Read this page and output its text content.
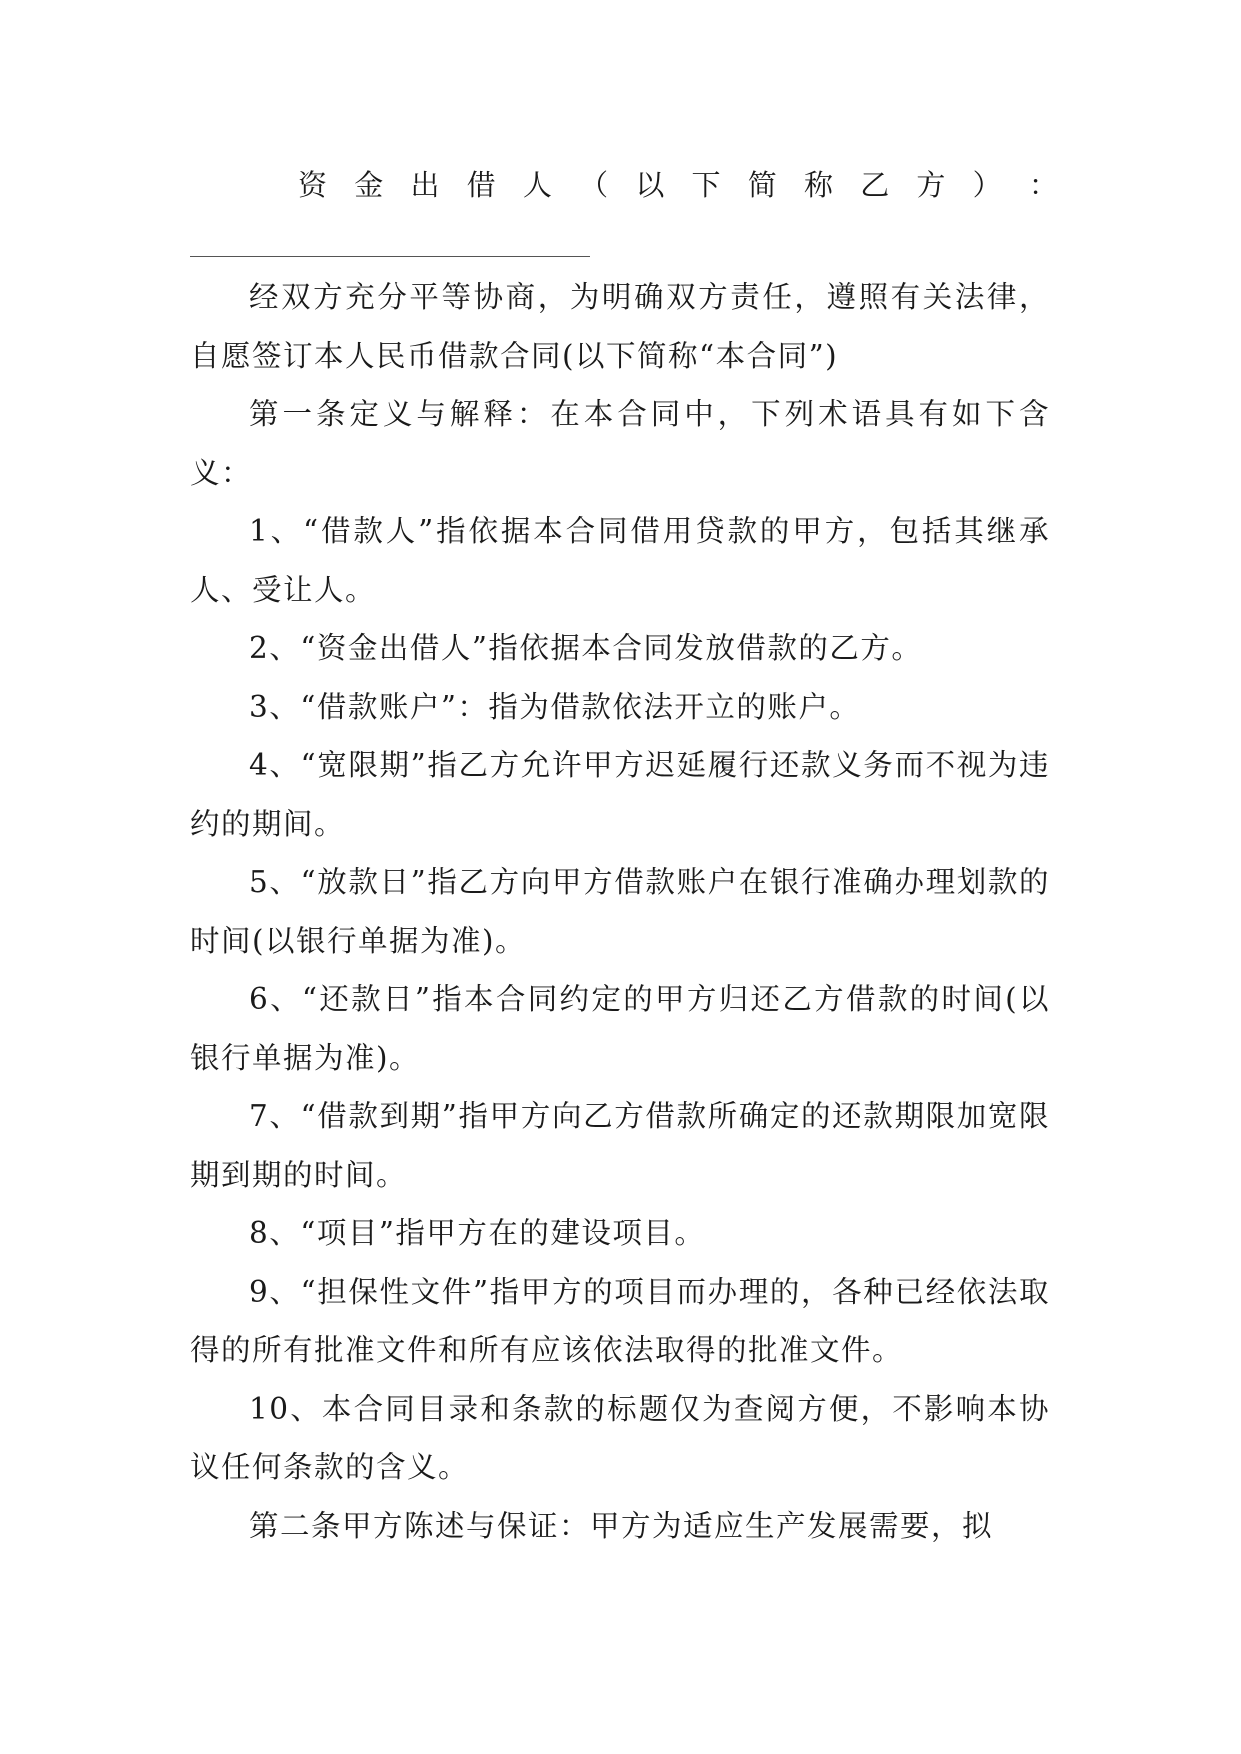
资 金 出 借 人 （ 以 下 简 称 乙 方 ） ：

经双方充分平等协商，为明确双方责任，遵照有关法律，自愿签订本人民币借款合同(以下简称“本合同”)

第一条定义与解释：在本合同中，下列术语具有如下含义：

1、“借款人”指依据本合同借用贷款的甲方，包括其继承人、受让人。

2、“资金出借人”指依据本合同发放借款的乙方。

3、“借款账户”：指为借款依法开立的账户。

4、“宽限期”指乙方允许甲方迟延履行还款义务而不视为违约的期间。

5、“放款日”指乙方向甲方借款账户在银行准确办理划款的时间(以银行单据为准)。

6、“还款日”指本合同约定的甲方归还乙方借款的时间(以银行单据为准)。

7、“借款到期”指甲方向乙方借款所确定的还款期限加宽限期到期的时间。

8、“项目”指甲方在的建设项目。

9、“担保性文件”指甲方的项目而办理的，各种已经依法取得的所有批准文件和所有应该依法取得的批准文件。

10、本合同目录和条款的标题仅为查阅方便，不影响本协议任何条款的含义。

第二条甲方陈述与保证：甲方为适应生产发展需要，拟
